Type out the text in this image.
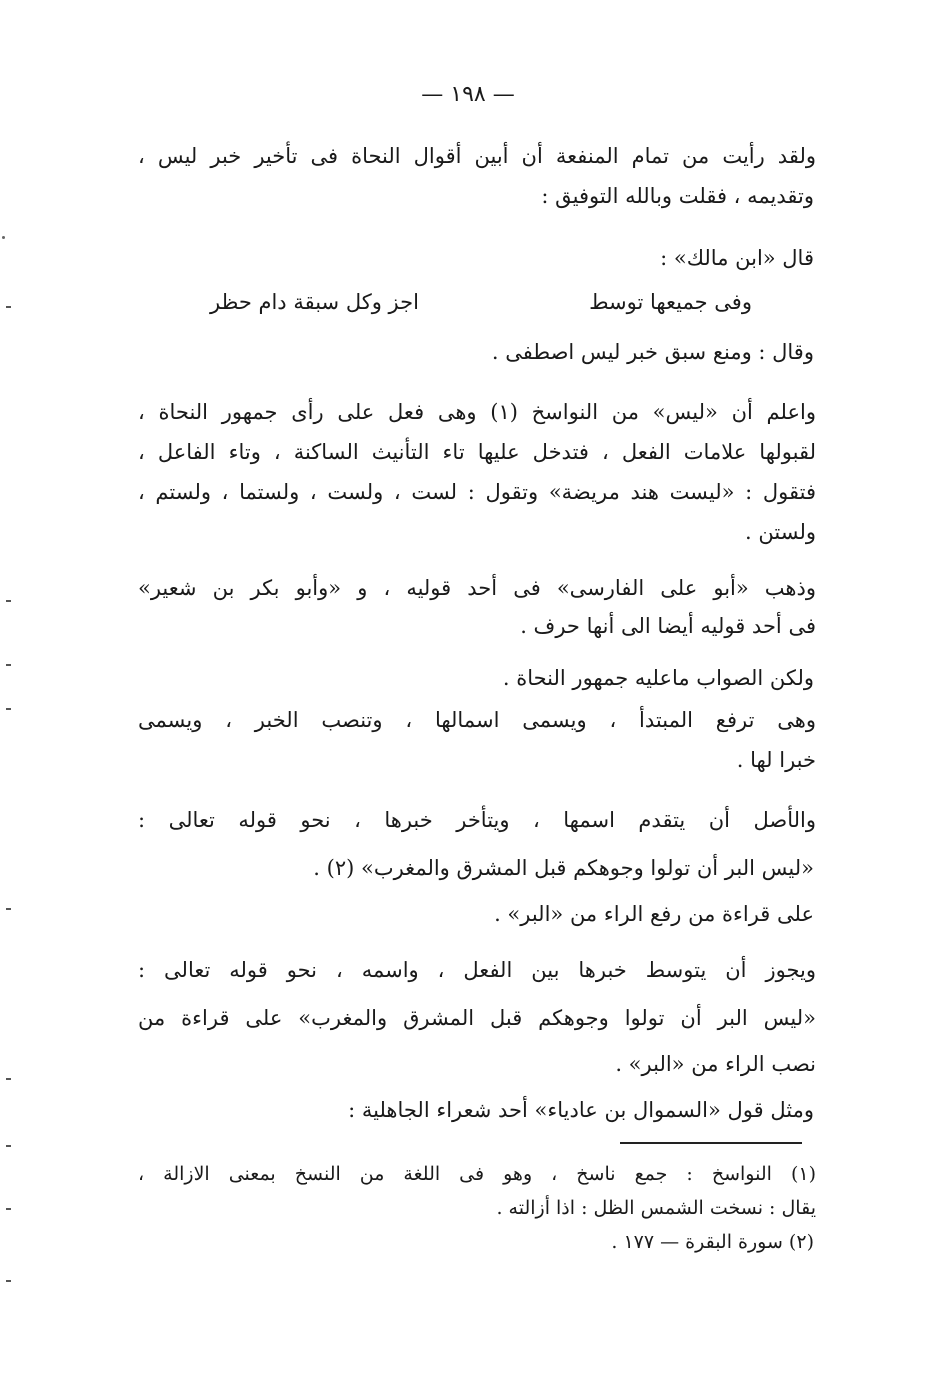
— ١٩٨ —
ولقد رأيت من تمام المنفعة أن أبين أقوال النحاة فى تأخير خبر ليس ،
وتقديمه ، فقلت وبالله التوفيق :
قال «ابن مالك» :
وفى جميعها توسط
اجز وكل سبقة دام حظر
وقال : ومنع سبق خبر ليس اصطفى .
واعلم أن «ليس» من النواسخ (١) وهى فعل على رأى جمهور النحاة ،
لقبولها علامات الفعل ، فتدخل عليها تاء التأنيث الساكنة ، وتاء الفاعل ،
فتقول : «ليست هند مريضة» وتقول : لست ، ولست ، ولستما ، ولستم ،
ولستن .
وذهب «أبو على الفارسى» فى أحد قوليه ، و «وأبو بكر بن شعير»
فى أحد قوليه أيضا الى أنها حرف .
ولكن الصواب ماعليه جمهور النحاة .
وهى ترفع المبتدأ ، ويسمى اسمالها ، وتنصب الخبر ، ويسمى
خبرا لها .
والأصل أن يتقدم اسمها ، ويتأخر خبرها ، نحو قوله تعالى :
«ليس البر أن تولوا وجوهكم قبل المشرق والمغرب» (٢) .
على قراءة من رفع الراء من «البر» .
ويجوز أن يتوسط خبرها بين الفعل ، واسمه ، نحو قوله تعالى :
«ليس البر أن تولوا وجوهكم قبل المشرق والمغرب» على قراءة من
نصب الراء من «البر» .
ومثل قول «السموال بن عادياء» أحد شعراء الجاهلية :
(١) النواسخ : جمع ناسخ ، وهو فى اللغة من النسخ بمعنى الازالة ،
يقال : نسخت الشمس الظل : اذا أزالته .
(٢) سورة البقرة — ١٧٧ .
